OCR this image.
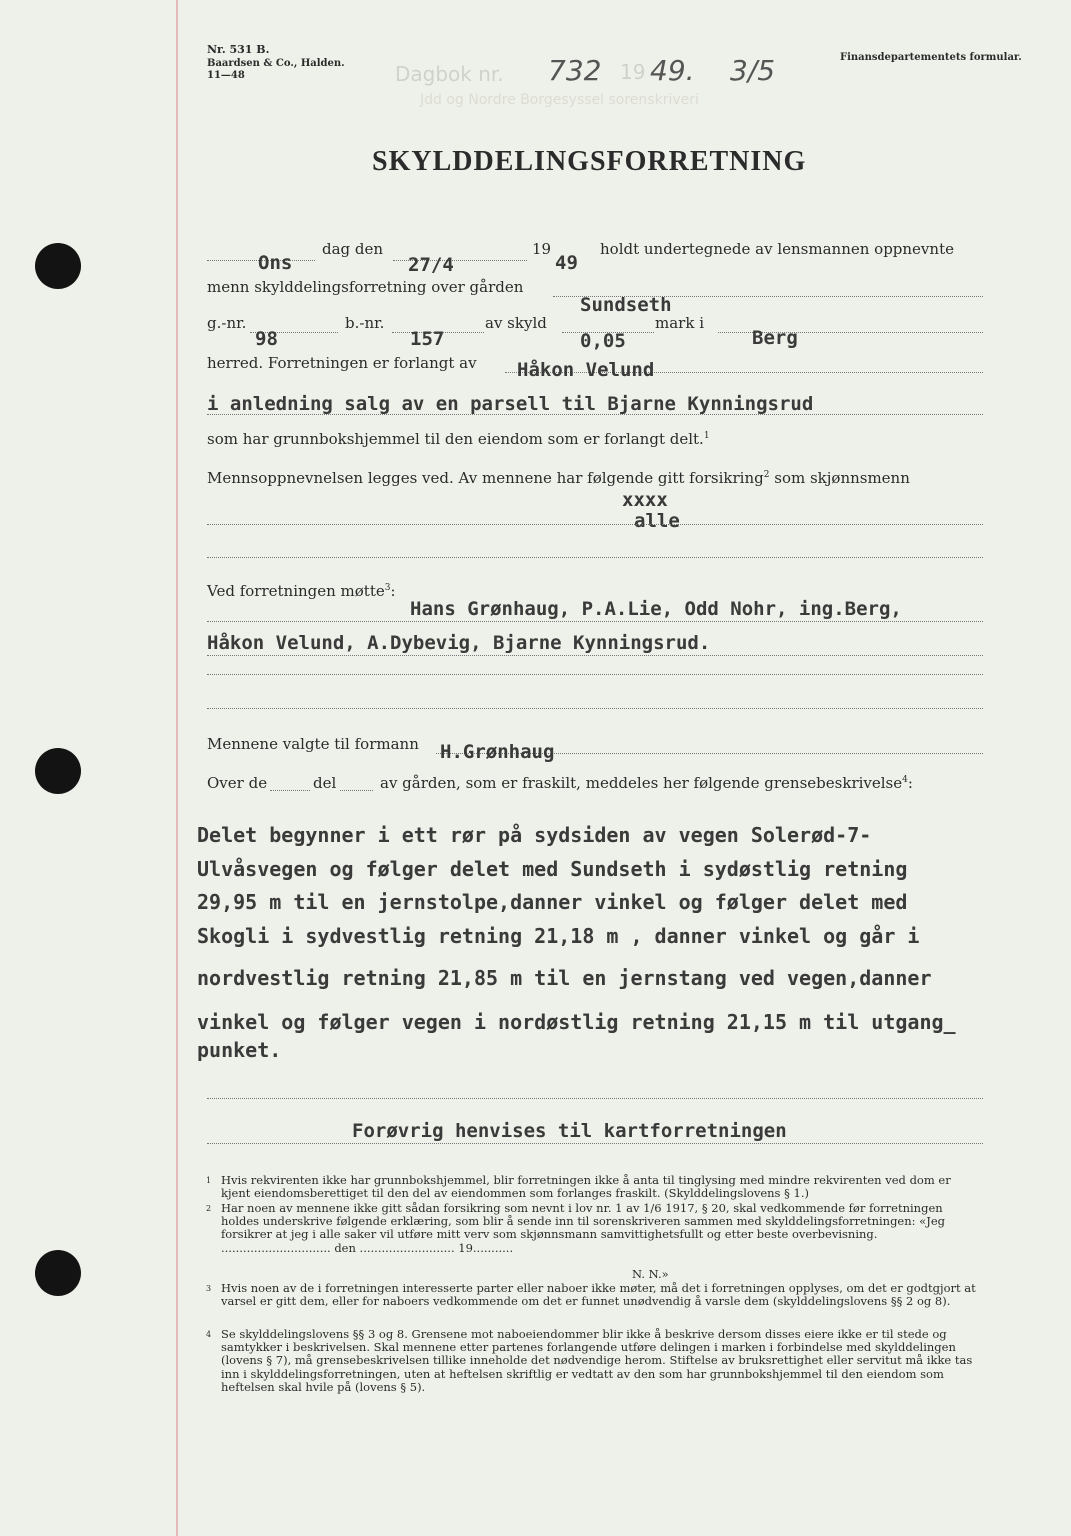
Nr. 531 B.
Baardsen & Co., Halden.
11—48
Finansdepartementets formular.
Dagbok nr.
Jdd og Nordre Borgesyssel sorenskriveri
732 19 49. 3/5
SKYLDDELINGSFORRETNING
Ons
dag den
27/4
19
49
holdt undertegnede av lensmannen oppnevnte
menn skylddelingsforretning over gården
Sundseth
g.-nr.
98
b.-nr.
157
av skyld
0,05
mark i
Berg
herred. Forretningen er forlangt av Håkon Velund
i anledning salg av en parsell til Bjarne Kynningsrud
som har grunnbokshjemmel til den eiendom som er forlangt delt.$^1$
Mennsoppnevnelsen legges ved. Av mennene har følgende gitt forsikring$^2$ som skjønnsmenn
xxxx
alle
Ved forretningen møtte$^3$:
Hans Grønhaug, P.A.Lie, Odd Nohr, ing.Berg,
Håkon Velund, A.Dybevig, Bjarne Kynningsrud.
Mennene valgte til formann H.Grønhaug
Over de	del	av gården, som er fraskilt, meddeles her følgende grensebeskrivelse$^4$:
Delet begynner i ett rør på sydsiden av vegen Solerød-7-
Ulvåsvegen og følger delet med Sundseth i sydøstlig retning
29,95 m til en jernstolpe,danner vinkel og følger delet med
Skogli i sydvestlig retning 21,18 m , danner vinkel og går i
nordvestlig retning 21,85 m til en jernstang ved vegen,danner
vinkel og følger vegen i nordøstlig retning 21,15 m til utgang_
punket.
Forøvrig henvises til kartforretningen
1 Hvis rekvirenten ikke har grunnbokshjemmel, blir forretningen ikke å anta til tinglysing med mindre rekvirenten ved dom er kjent eiendomsberettiget til den del av eiendommen som forlanges fraskilt. (Skylddelingslovens § 1.)
2 Har noen av mennene ikke gitt sådan forsikring som nevnt i lov nr. 1 av 1/6 1917, § 20, skal vedkommende før forretningen holdes underskrive følgende erklæring, som blir å sende inn til sorenskriveren sammen med skylddelingsforretningen: «Jeg forsikrer at jeg i alle saker vil utføre mitt verv som skjønnsmann samvittighetsfullt og etter beste overbevisning. .............................. den .......................... 19...........
N. N.»
3 Hvis noen av de i forretningen interesserte parter eller naboer ikke møter, må det i forretningen opplyses, om det er godtgjort at varsel er gitt dem, eller for naboers vedkommende om det er funnet unødvendig å varsle dem (skylddelingslovens §§ 2 og 8).
4 Se skylddelingslovens §§ 3 og 8. Grensene mot naboeiendommer blir ikke å beskrive dersom disses eiere ikke er til stede og samtykker i beskrivelsen. Skal mennene etter partenes forlangende utføre delingen i marken i forbindelse med skylddelingen (lovens § 7), må grensebeskrivelsen tillike inneholde det nødvendige herom. Stiftelse av bruksrettighet eller servitut må ikke tas inn i skylddelingsforretningen, uten at heftelsen skriftlig er vedtatt av den som har grunnbokshjemmel til den eiendom som heftelsen skal hvile på (lovens § 5).
